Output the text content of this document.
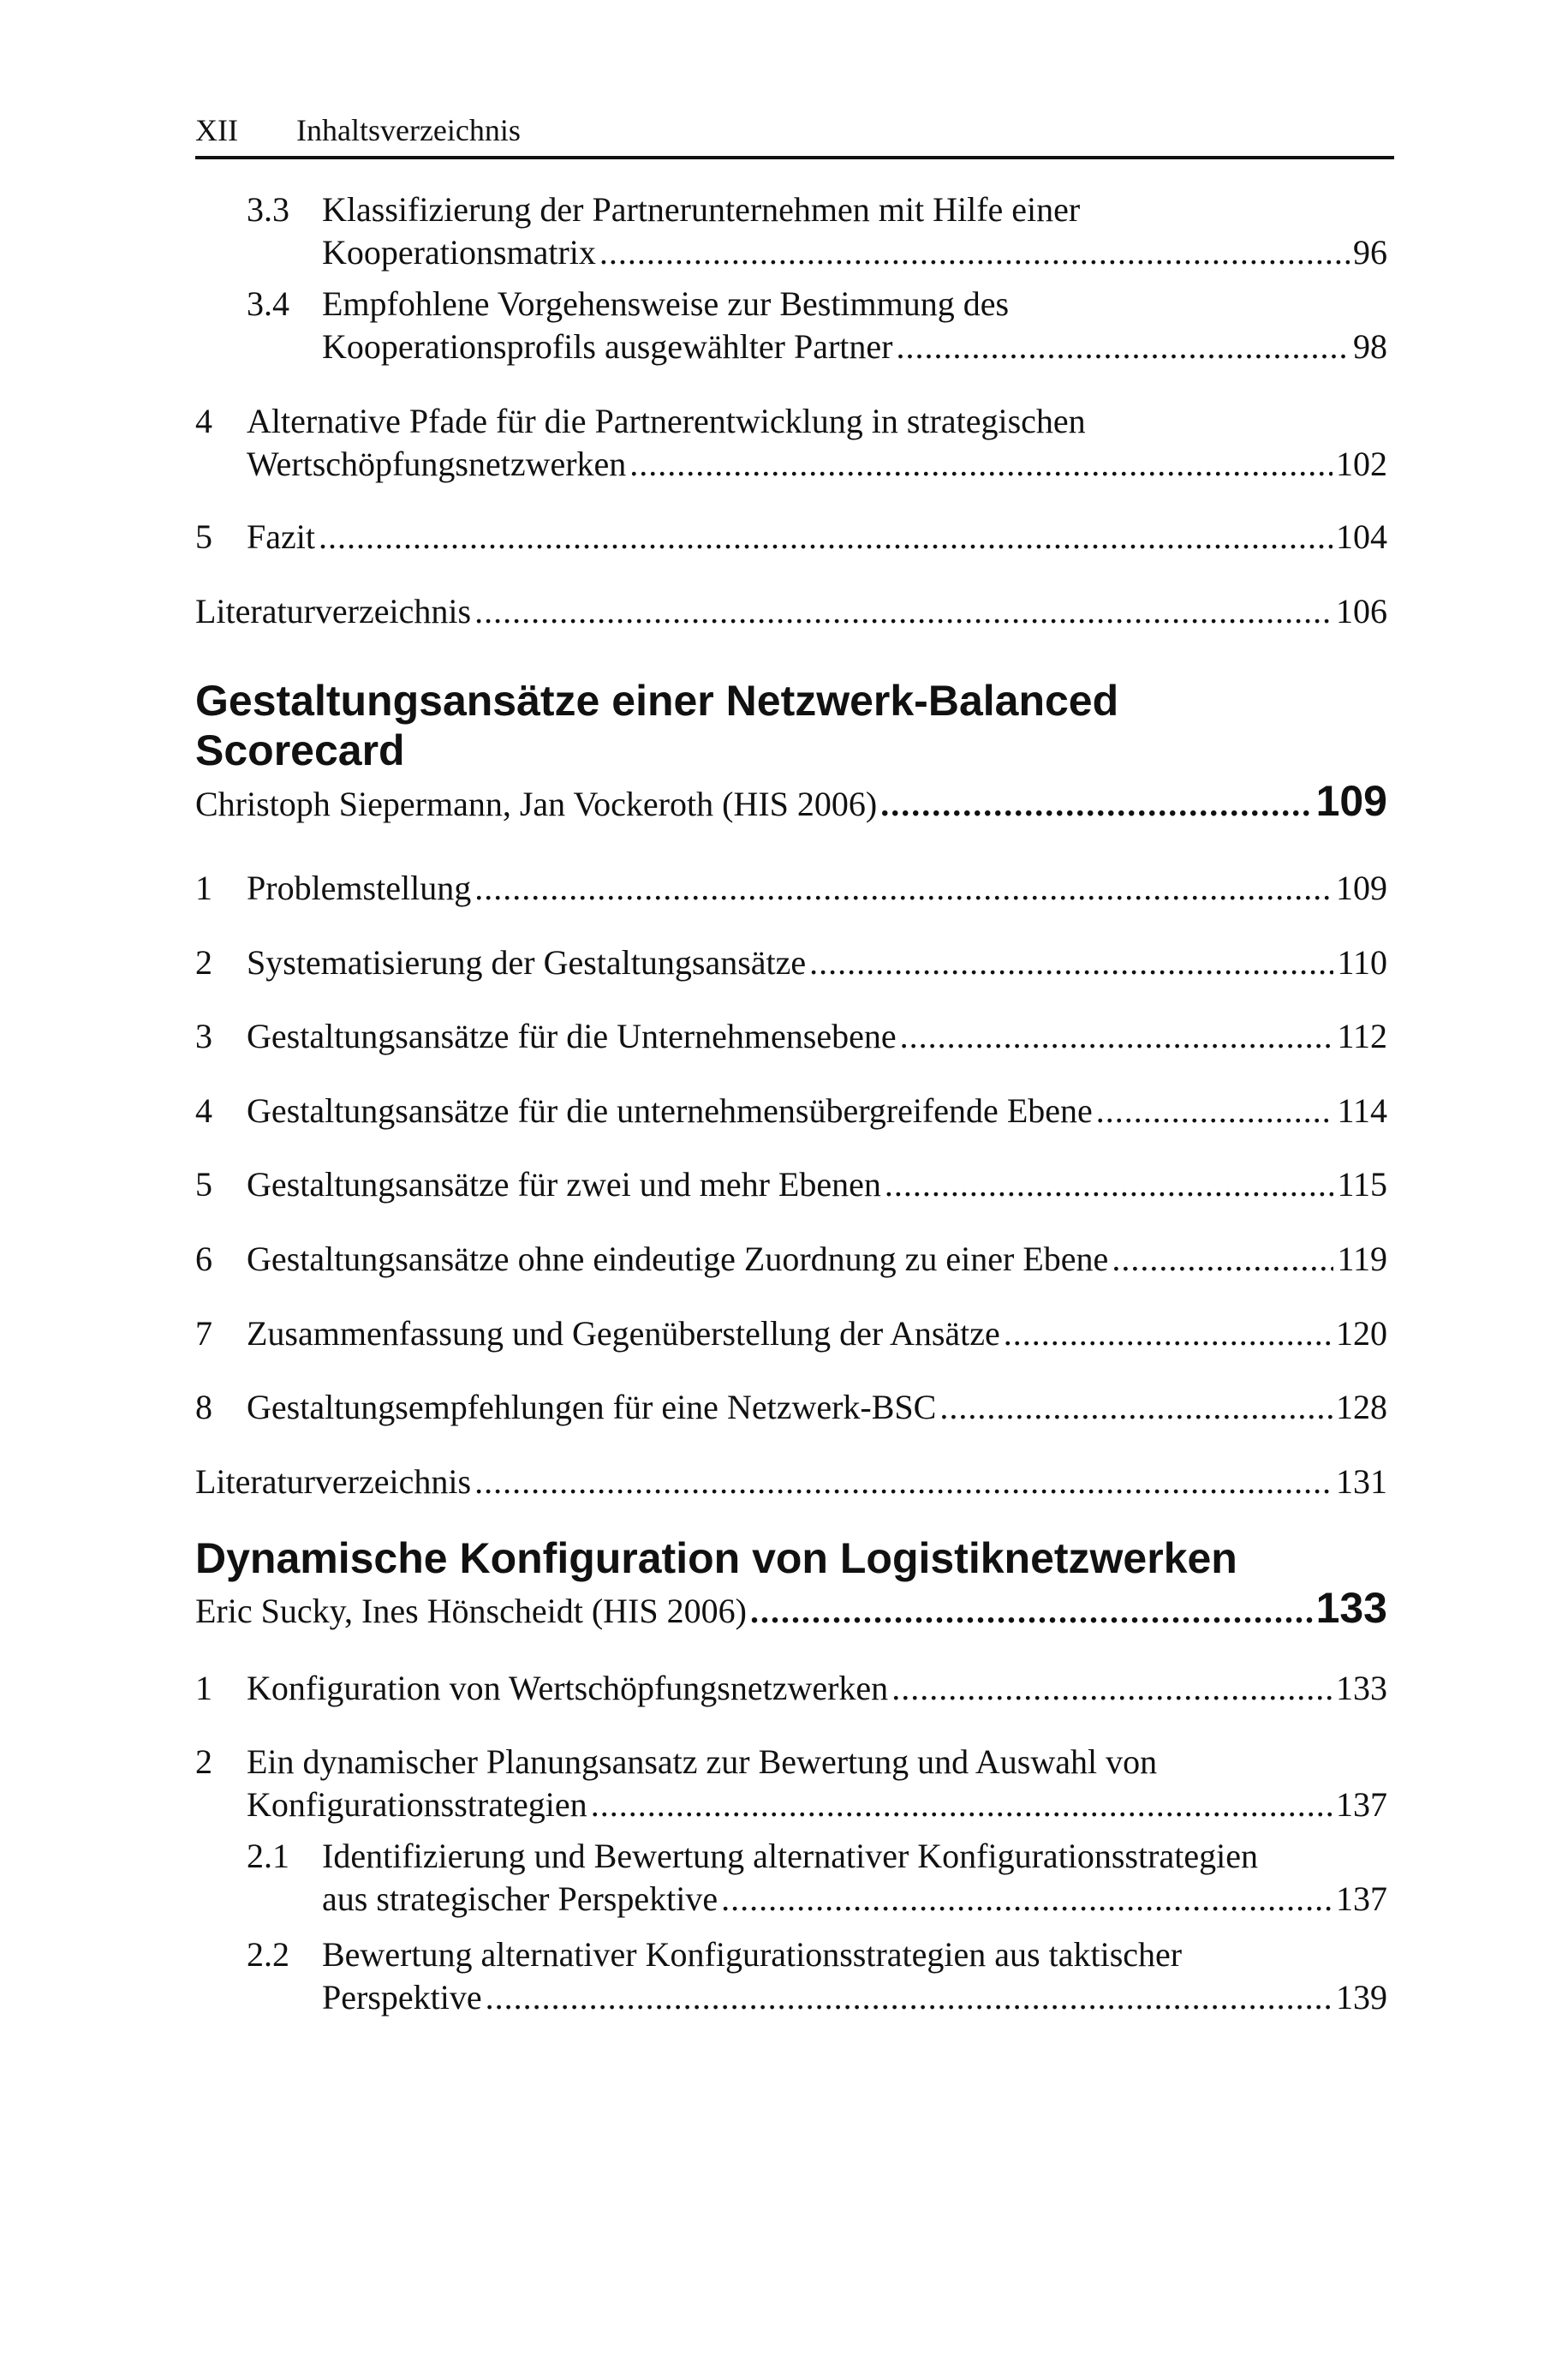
XII Inhaltsverzeichnis
3.3 Klassifizierung der Partnerunternehmen mit Hilfe einer
Kooperationsmatrix .....	96
3.4 Empfohlene Vorgehensweise zur Bestimmung des
Kooperationsprofils ausgewählter Partner .....	98
4 Alternative Pfade für die Partnerentwicklung in strategischen
Wertschöpfungsnetzwerken .....	102
5 Fazit .....	104
Literaturverzeichnis .....	106
Gestaltungsansätze einer Netzwerk-Balanced
Scorecard
Christoph Siepermann, Jan Vockeroth (HIS 2006) .....	109
1 Problemstellung .....	109
2 Systematisierung der Gestaltungsansätze .....	110
3 Gestaltungsansätze für die Unternehmensebene .....	112
4 Gestaltungsansätze für die unternehmensübergreifende Ebene .....	114
5 Gestaltungsansätze für zwei und mehr Ebenen .....	115
6 Gestaltungsansätze ohne eindeutige Zuordnung zu einer Ebene .....	119
7 Zusammenfassung und Gegenüberstellung der Ansätze .....	120
8 Gestaltungsempfehlungen für eine Netzwerk-BSC .....	128
Literaturverzeichnis .....	131
Dynamische Konfiguration von Logistiknetzwerken
Eric Sucky, Ines Hönscheidt (HIS 2006) .....	133
1 Konfiguration von Wertschöpfungsnetzwerken .....	133
2 Ein dynamischer Planungsansatz zur Bewertung und Auswahl von
Konfigurationsstrategien .....	137
2.1 Identifizierung und Bewertung alternativer Konfigurationsstrategien
aus strategischer Perspektive .....	137
2.2 Bewertung alternativer Konfigurationsstrategien aus taktischer
Perspektive .....	139
